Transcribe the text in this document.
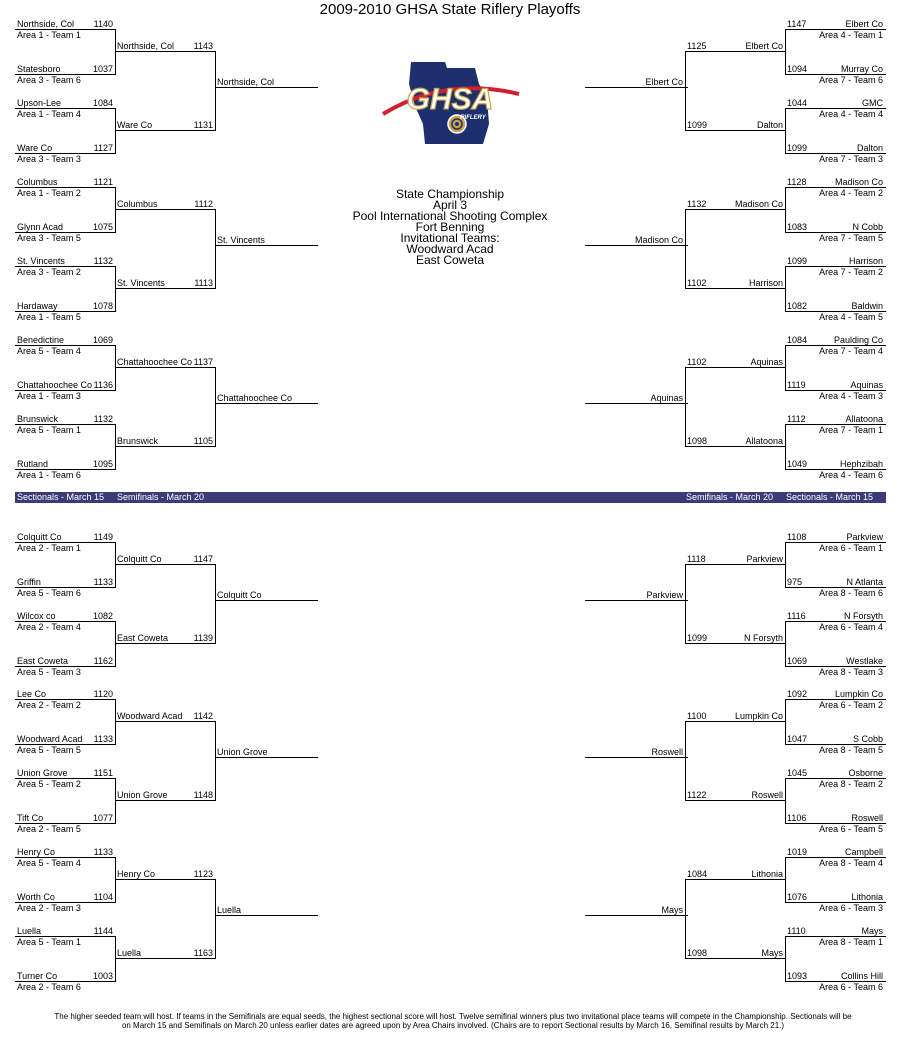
2009-2010 GHSA State Riflery Playoffs
GHSA
RIFLERY
State Championship
April 3
Pool International Shooting Complex
Fort Benning
Invitational Teams:
Woodward Acad
East Coweta
Sectionals - March 15 Semifinals - March 20	Semifinals - March 20 Sectionals - March 15
The higher seeded team will host. If teams in the Semifinals are equal seeds, the highest sectional score will host. Twelve semifinal winners plus two invitational place teams will compete in the Championship. Sectionals will be
on March 15 and Semifinals on March 20 unless earlier dates are agreed upon by Area Chairs involved. (Chairs are to report Sectional results by March 16, Semifinal results by March 21.)
Northside, Col 1140
Area 1 - Team 1
Statesboro	1037
Area 3 - Team 6
Northside, Col 1143
Upson-Lee	1084
Area 1 - Team 4
Ware Co	1127
Area 3 - Team 3
Ware Co	1131
Northside, Col
Columbus	1121
Area 1 - Team 2
Glynn Acad	1075
Area 3 - Team 5
Columbus	1112
St. Vincents	1132
Area 3 - Team 2
Hardaway	1078
Area 1 - Team 5
St. Vincents	1113
St. Vincents
Benedictine	1069
Area 5 - Team 4
Chattahoochee Co 1136
Area 1 - Team 3
Chattahoochee Co 1137
Brunswick	1132
Area 5 - Team 1
Rutland	1095
Area 1 - Team 6
Brunswick	1105
Chattahoochee Co
Colquitt Co	1149
Area 2 - Team 1
Griffin	1133
Area 5 - Team 6
Colquitt Co	1147
Wilcox co	1082
Area 2 - Team 4
East Coweta	1162
Area 5 - Team 3
East Coweta	1139
Colquitt Co
Lee Co	1120
Area 2 - Team 2
Woodward Acad 1133
Area 5 - Team 5
Woodward Acad 1142
Union Grove	1151
Area 5 - Team 2
Tift Co	1077
Area 2 - Team 5
Union Grove	1148
Union Grove
Henry Co	1133
Area 5 - Team 4
Worth Co	1104
Area 2 - Team 3
Henry Co	1123
Luella	1144
Area 5 - Team 1
Turner Co	1003
Area 2 - Team 6
Luella	1163
Luella
Elbert Co
1147
Area 4 - Team 1
Murray Co
1094
Area 7 - Team 6
Elbert Co
1125
GMC
1044
Area 4 - Team 4
Dalton
1099
Area 7 - Team 3
Dalton
1099
Elbert Co
Madison Co
1128
Area 4 - Team 2
N Cobb
1083
Area 7 - Team 5
Madison Co
1132
Harrison
1099
Area 7 - Team 2
Baldwin
1082
Area 4 - Team 5
Harrison
1102
Madison Co
Paulding Co
1084
Area 7 - Team 4
Aquinas
1119
Area 4 - Team 3
Aquinas
1102
Allatoona
1112
Area 7 - Team 1
Hephzibah
1049
Area 4 - Team 6
Allatoona
1098
Aquinas
Parkview
1108
Area 6 - Team 1
N Atlanta
975
Area 8 - Team 6
Parkview
1118
N Forsyth
1116
Area 6 - Team 4
Westlake
1069
Area 8 - Team 3
N Forsyth
1099
Parkview
Lumpkin Co
1092
Area 6 - Team 2
S Cobb
1047
Area 8 - Team 5
Lumpkin Co
1100
Osborne
1045
Area 8 - Team 2
Roswell
1106
Area 6 - Team 5
Roswell
1122
Roswell
Campbell
1019
Area 8 - Team 4
Lithonia
1076
Area 6 - Team 3
Lithonia
1084
Mays
1110
Area 8 - Team 1
Collins Hill
1093
Area 6 - Team 6
Mays
1098
Mays
